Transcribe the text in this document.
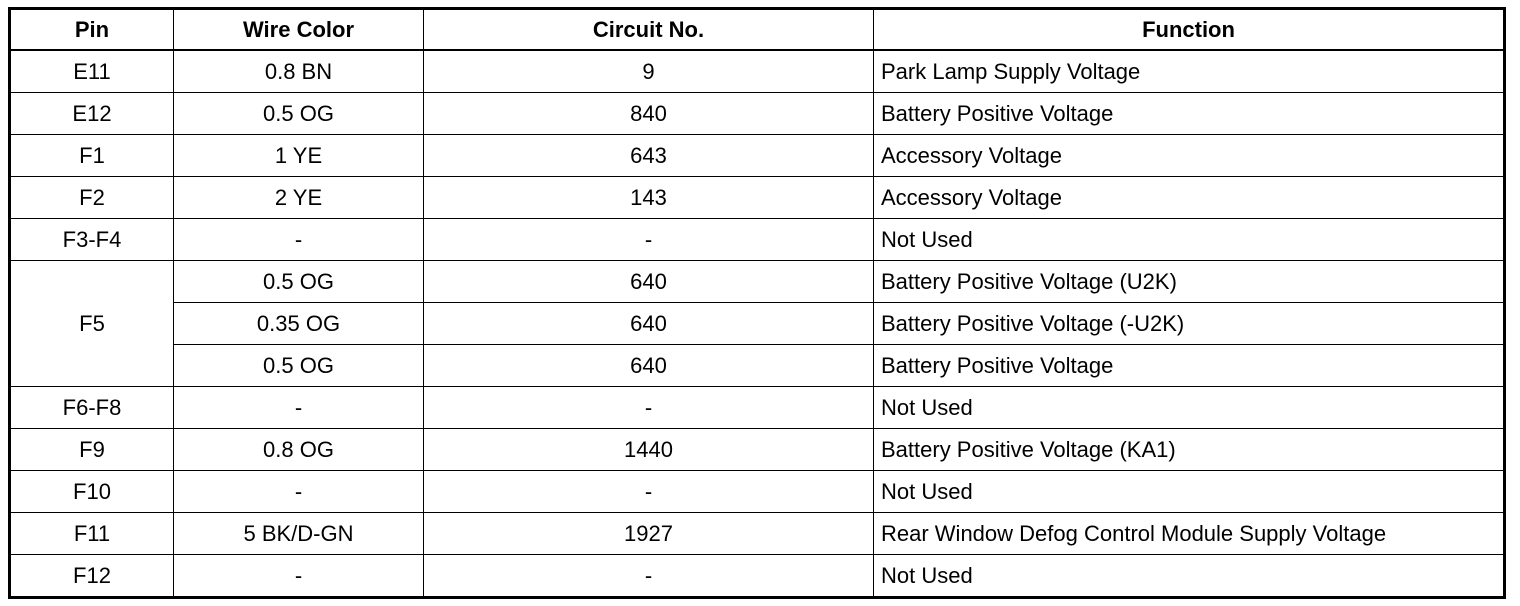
Pin	Wire Color	Circuit No.	Function
E11	0.8 BN	9	Park Lamp Supply Voltage
E12	0.5 OG	840	Battery Positive Voltage
F1	1 YE	643	Accessory Voltage
F2	2 YE	143	Accessory Voltage
F3-F4	-	-	Not Used
F5	0.5 OG	640	Battery Positive Voltage (U2K)
	0.35 OG	640	Battery Positive Voltage (-U2K)
	0.5 OG	640	Battery Positive Voltage
F6-F8	-	-	Not Used
F9	0.8 OG	1440	Battery Positive Voltage (KA1)
F10	-	-	Not Used
F11	5 BK/D-GN	1927	Rear Window Defog Control Module Supply Voltage
F12	-	-	Not Used
